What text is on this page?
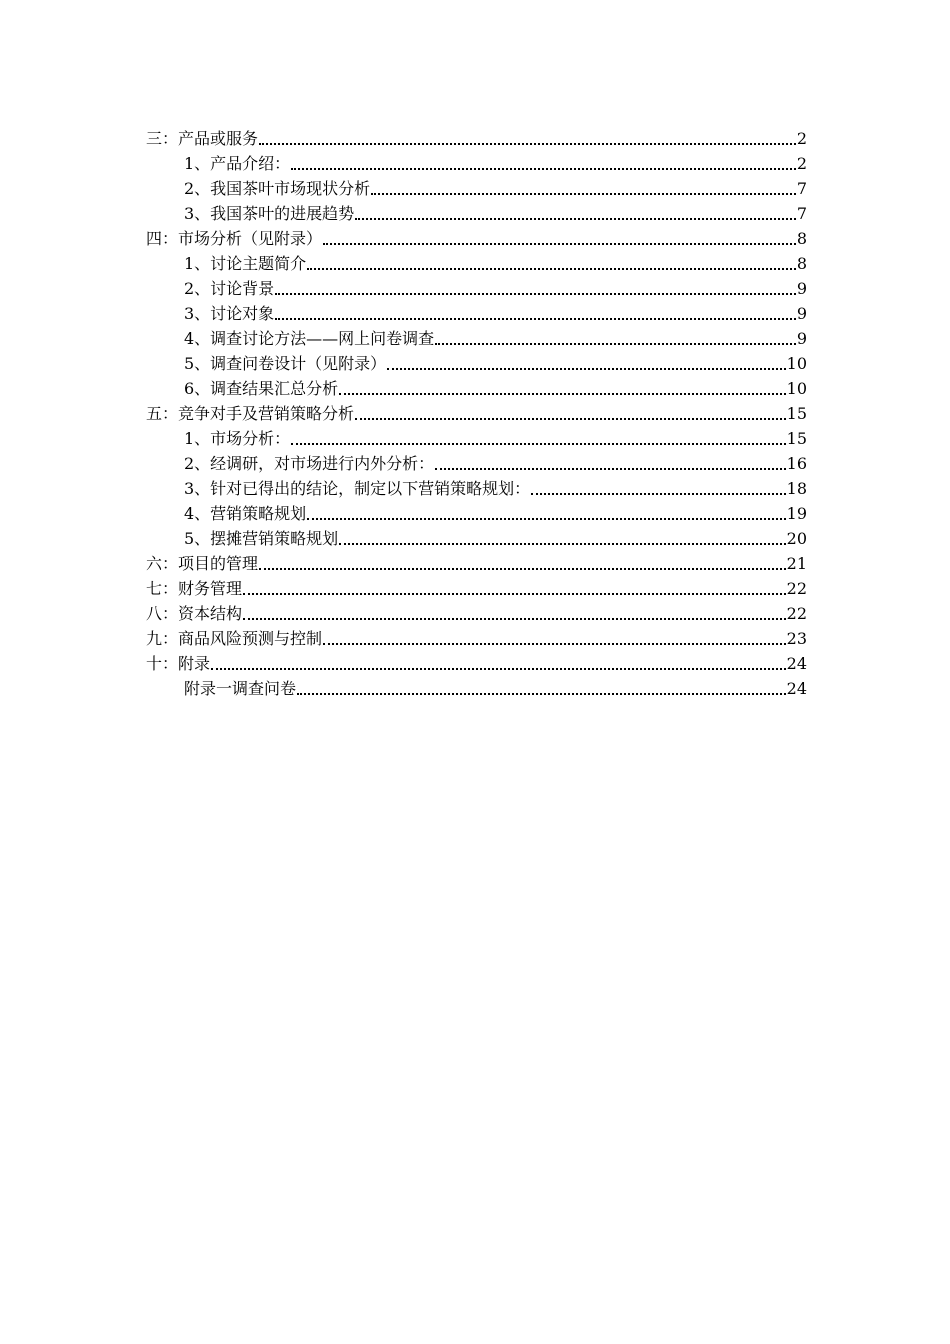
三：产品或服务	2
1、产品介绍：	2
2、我国茶叶市场现状分析	7
3、我国茶叶的进展趋势	7
四：市场分析（见附录）	8
1、讨论主题简介	8
2、讨论背景	9
3、讨论对象	9
4、调查讨论方法——网上问卷调查	9
5、调查问卷设计（见附录）	10
6、调查结果汇总分析	10
五：竞争对手及营销策略分析	15
1、市场分析：	15
2、经调研，对市场进行内外分析：	16
3、针对已得出的结论，制定以下营销策略规划：	18
4、营销策略规划	19
5、摆摊营销策略规划	20
六：项目的管理	21
七：财务管理	22
八：资本结构	22
九：商品风险预测与控制	23
十：附录	24
附录一调查问卷	24
